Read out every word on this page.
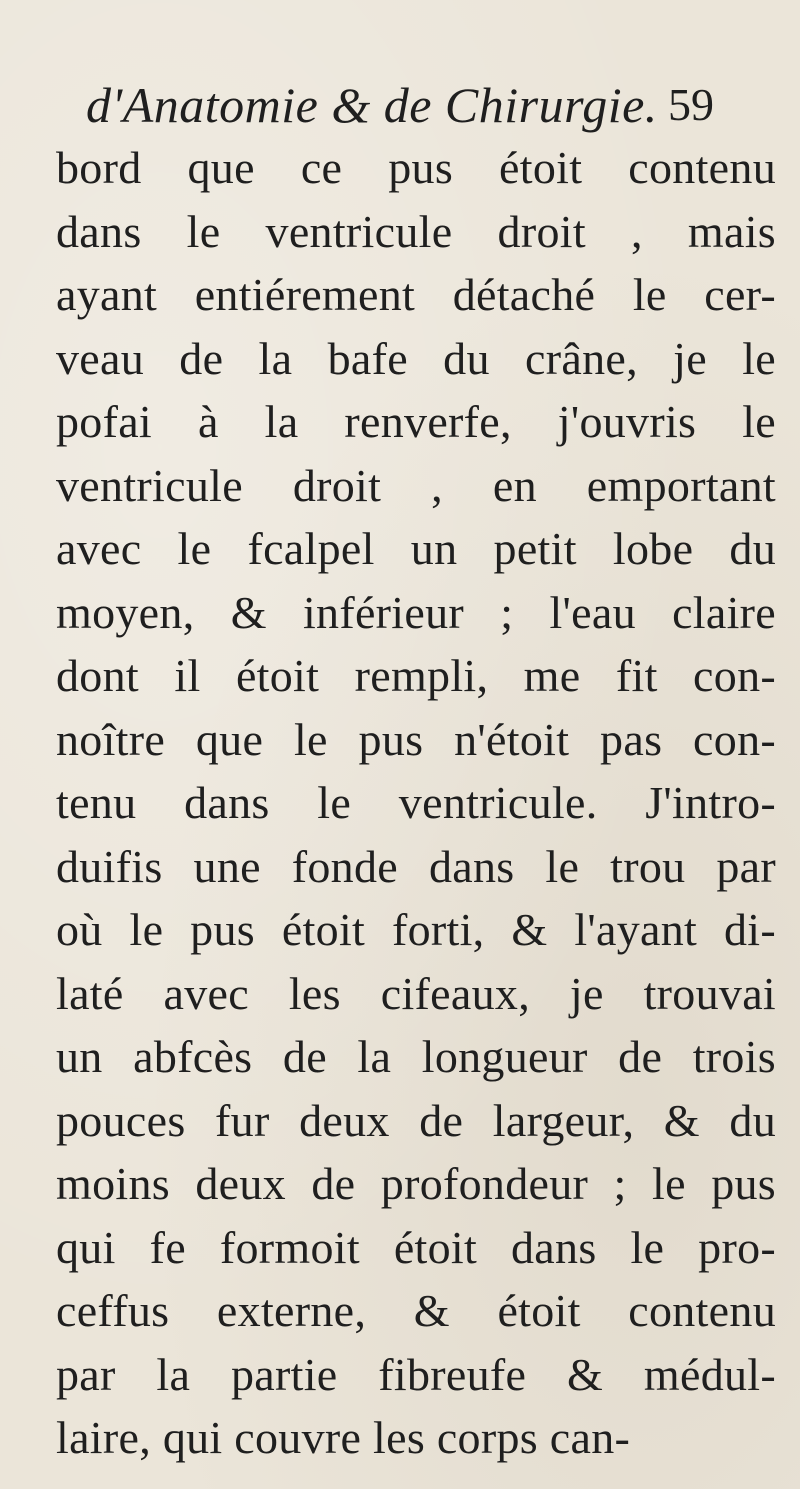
d'Anatomie & de Chirurgie. 59
bord que ce pus étoit contenu
dans le ventricule droit , mais
ayant entiérement détaché le cer-
veau de la bafe du crâne, je le
pofai à la renverfe, j'ouvris le
ventricule droit , en emportant
avec le fcalpel un petit lobe du
moyen, & inférieur ; l'eau claire
dont il étoit rempli, me fit con-
noître que le pus n'étoit pas con-
tenu dans le ventricule. J'intro-
duifis une fonde dans le trou par
où le pus étoit forti, & l'ayant di-
laté avec les cifeaux, je trouvai
un abfcès de la longueur de trois
pouces fur deux de largeur, & du
moins deux de profondeur ; le pus
qui fe formoit étoit dans le pro-
ceffus externe, & étoit contenu
par la partie fibreufe & médul-
laire, qui couvre les corps can-
